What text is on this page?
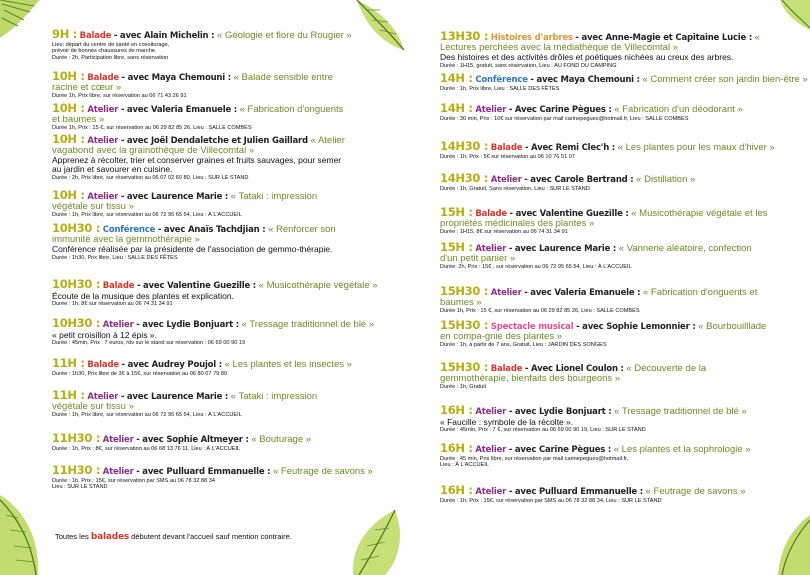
9H : Balade - avec Alain Michelin : « Géologie et flore du Rougier »
Lieu: départ du centre de santé en covoiturage,
prévoir de bonnes chaussures de marche.
Durée : 2h, Participation libre, sans réservation
10H : Balade - avec Maya Chemouni : « Balade sensible entre racine et cœur »
Durée 1h, Prix libre, sur réservation au 06 71 43 26 91
10H : Atelier - avec Valeria Emanuele : « Fabrication d'onguents et baumes »
Durée 1h, Prix : 15 €, sur réservation au 06 29 82 85 26, Lieu : SALLE COMBES
10H : Atelier - avec Joël Dendaletche et Julien Gaillard « Atelier vagabond avec la grainothèque de Villecomtal »
Apprenez à récolter, trier et conserver graines et fruits sauvages, pour semer au jardin et savourer en cuisine.
Durée : 2h, Prix libre, sur réservation au 06 07 02 60 80, Lieu : SUR LE STAND
10H : Atelier - avec Laurence Marie : « Tataki : impression végétale sur tissu »
Durée : 1h, Prix libre, sur réservation au 06 72 95 65 54, Lieu : À L'ACCUEIL
10H30 : Conférence - avec Anaïs Tachdjian : « Renforcer son immunité avec la gemmothérapie »
Conférence réalisée par la présidente de l'association de gemmo-thérapie.
Durée : 1h30, Prix libre, Lieu : SALLE DES FÊTES
10H30 : Balade - avec Valentine Guezille : « Musicothérapie végétale »
Écoute de la musique des plantes et explication.
Durée : 1h, 8€ sur réservation au 06 74 31 34 91
10H30 : Atelier - avec Lydie Bonjuart : « Tressage traditionnel de blé »
« petit croisillon à 12 épis ».
Durée : 45min, Prix : 7 euros, rdv sur le stand sur réservation : 06 69 00 90 19
11H : Balade - avec Audrey Poujol : « Les plantes et les insectes »
Durée : 1h30, Prix libre de 3€ à 15€, sur réservation au 06 80 07 79 80
11H : Atelier - avec Laurence Marie : « Tataki : impression végétale sur tissu »
Durée : 1h, Prix libre, sur réservation au 06 72 95 65 54, Lieu : À L'ACCUEIL
11H30 : Atelier - avec Sophie Altmeyer : « Bouturage »
Durée : 1h, Prix : 8€, sur réservation au 06 68 13 76 11, Lieu : À L'ACCUEIL
11H30 : Atelier - avec Pulluard Emmanuelle : « Feutrage de savons »
Durée : 1h, Prix : 15€, sur réservation par SMS au 06 78 32 88 34
Lieu : SUR LE STAND
13H30 : Histoires d'arbres - avec Anne-Magie et Capitaine Lucie : « Lectures perchées avec la médiathèque de Villecomtal »
Des histoires et des activités drôles et poétiques nichées au creux des arbres.
Durée : 1H15, gratuit, sans réservation, Lieu : AU FOND DU CAMPING
14H : Conférence - avec Maya Chemouni : « Comment créer son jardin bien-être »
Durée : 1h, Prix libre, Lieu : SALLE DES FÊTES
14H : Atelier - Avec Carine Pègues : « Fabrication d'un déodorant »
Durée : 30 min, Prix : 10€ sur réservation par mail carinepegues@hotmail.fr, Lieu : SALLE COMBES
14H30 : Balade - Avec Remi Clec'h : « Les plantes pour les maux d'hiver »
Durée : 1h, Prix : 5€ sur réservation au 06 10 76 51 07
14H30 : Atelier - avec Carole Bertrand : « Distillation »
Durée : 1h, Gratuit, Sans réservation, Lieu : SUR LE STAND
15H : Balade - avec Valentine Guezille : « Musicothérapie végétale et les propriétés médicinales des plantes »
Durée : 1H15, 8€ sur réservation au 06 74 31 34 91
15H : Atelier - avec Laurence Marie : « Vannerie aléatoire, confection d'un petit panier »
Durée: 2h, Prix : 15€ , sur réservation au 06 72 95 65 54, Lieu : À L'ACCUEIL
15H30 : Atelier - avec Valeria Emanuele : « Fabrication d'onguents et baumes »
Durée 1h, Prix : 15 €, sur réservation au 06 29 82 85 26, Lieu : SALLE COMBES
15H30 : Spectacle musical - avec Sophie Lemonnier : « Bourbouilllade en compa-gnie des plantes »
Durée : 1h, à partir de 7 ans, Gratuit, Lieu : JARDIN DES SONGES
15H30 : Balade - Avec Lionel Coulon : « Découverte de la gemmothérapie, bienfaits des bourgeons »
Durée : 1h, Gratuit
16H : Atelier - avec Lydie Bonjuart : « Tressage traditionnel de blé »
« Faucille : symbole de la récolte ».
Durée : 45min, Prix : 7 €, sur réservation au 06 69 00 90 19, Lieu : SUR LE STAND
16H : Atelier - avec Carine Pègues : « Les plantes et la sophrologie »
Durée : 45 min, Prix libre, sur réservation par mail carinepegues@hotmail.fr,
Lieu : À L'ACCUEIL
16H : Atelier - avec Pulluard Emmanuelle : « Feutrage de savons »
Durée : 1h, Prix : 15€, sur réservation par SMS au 06 78 32 88 34, Lieu : SUR LE STAND
Toutes les balades débutent devant l'accueil sauf mention contraire.
